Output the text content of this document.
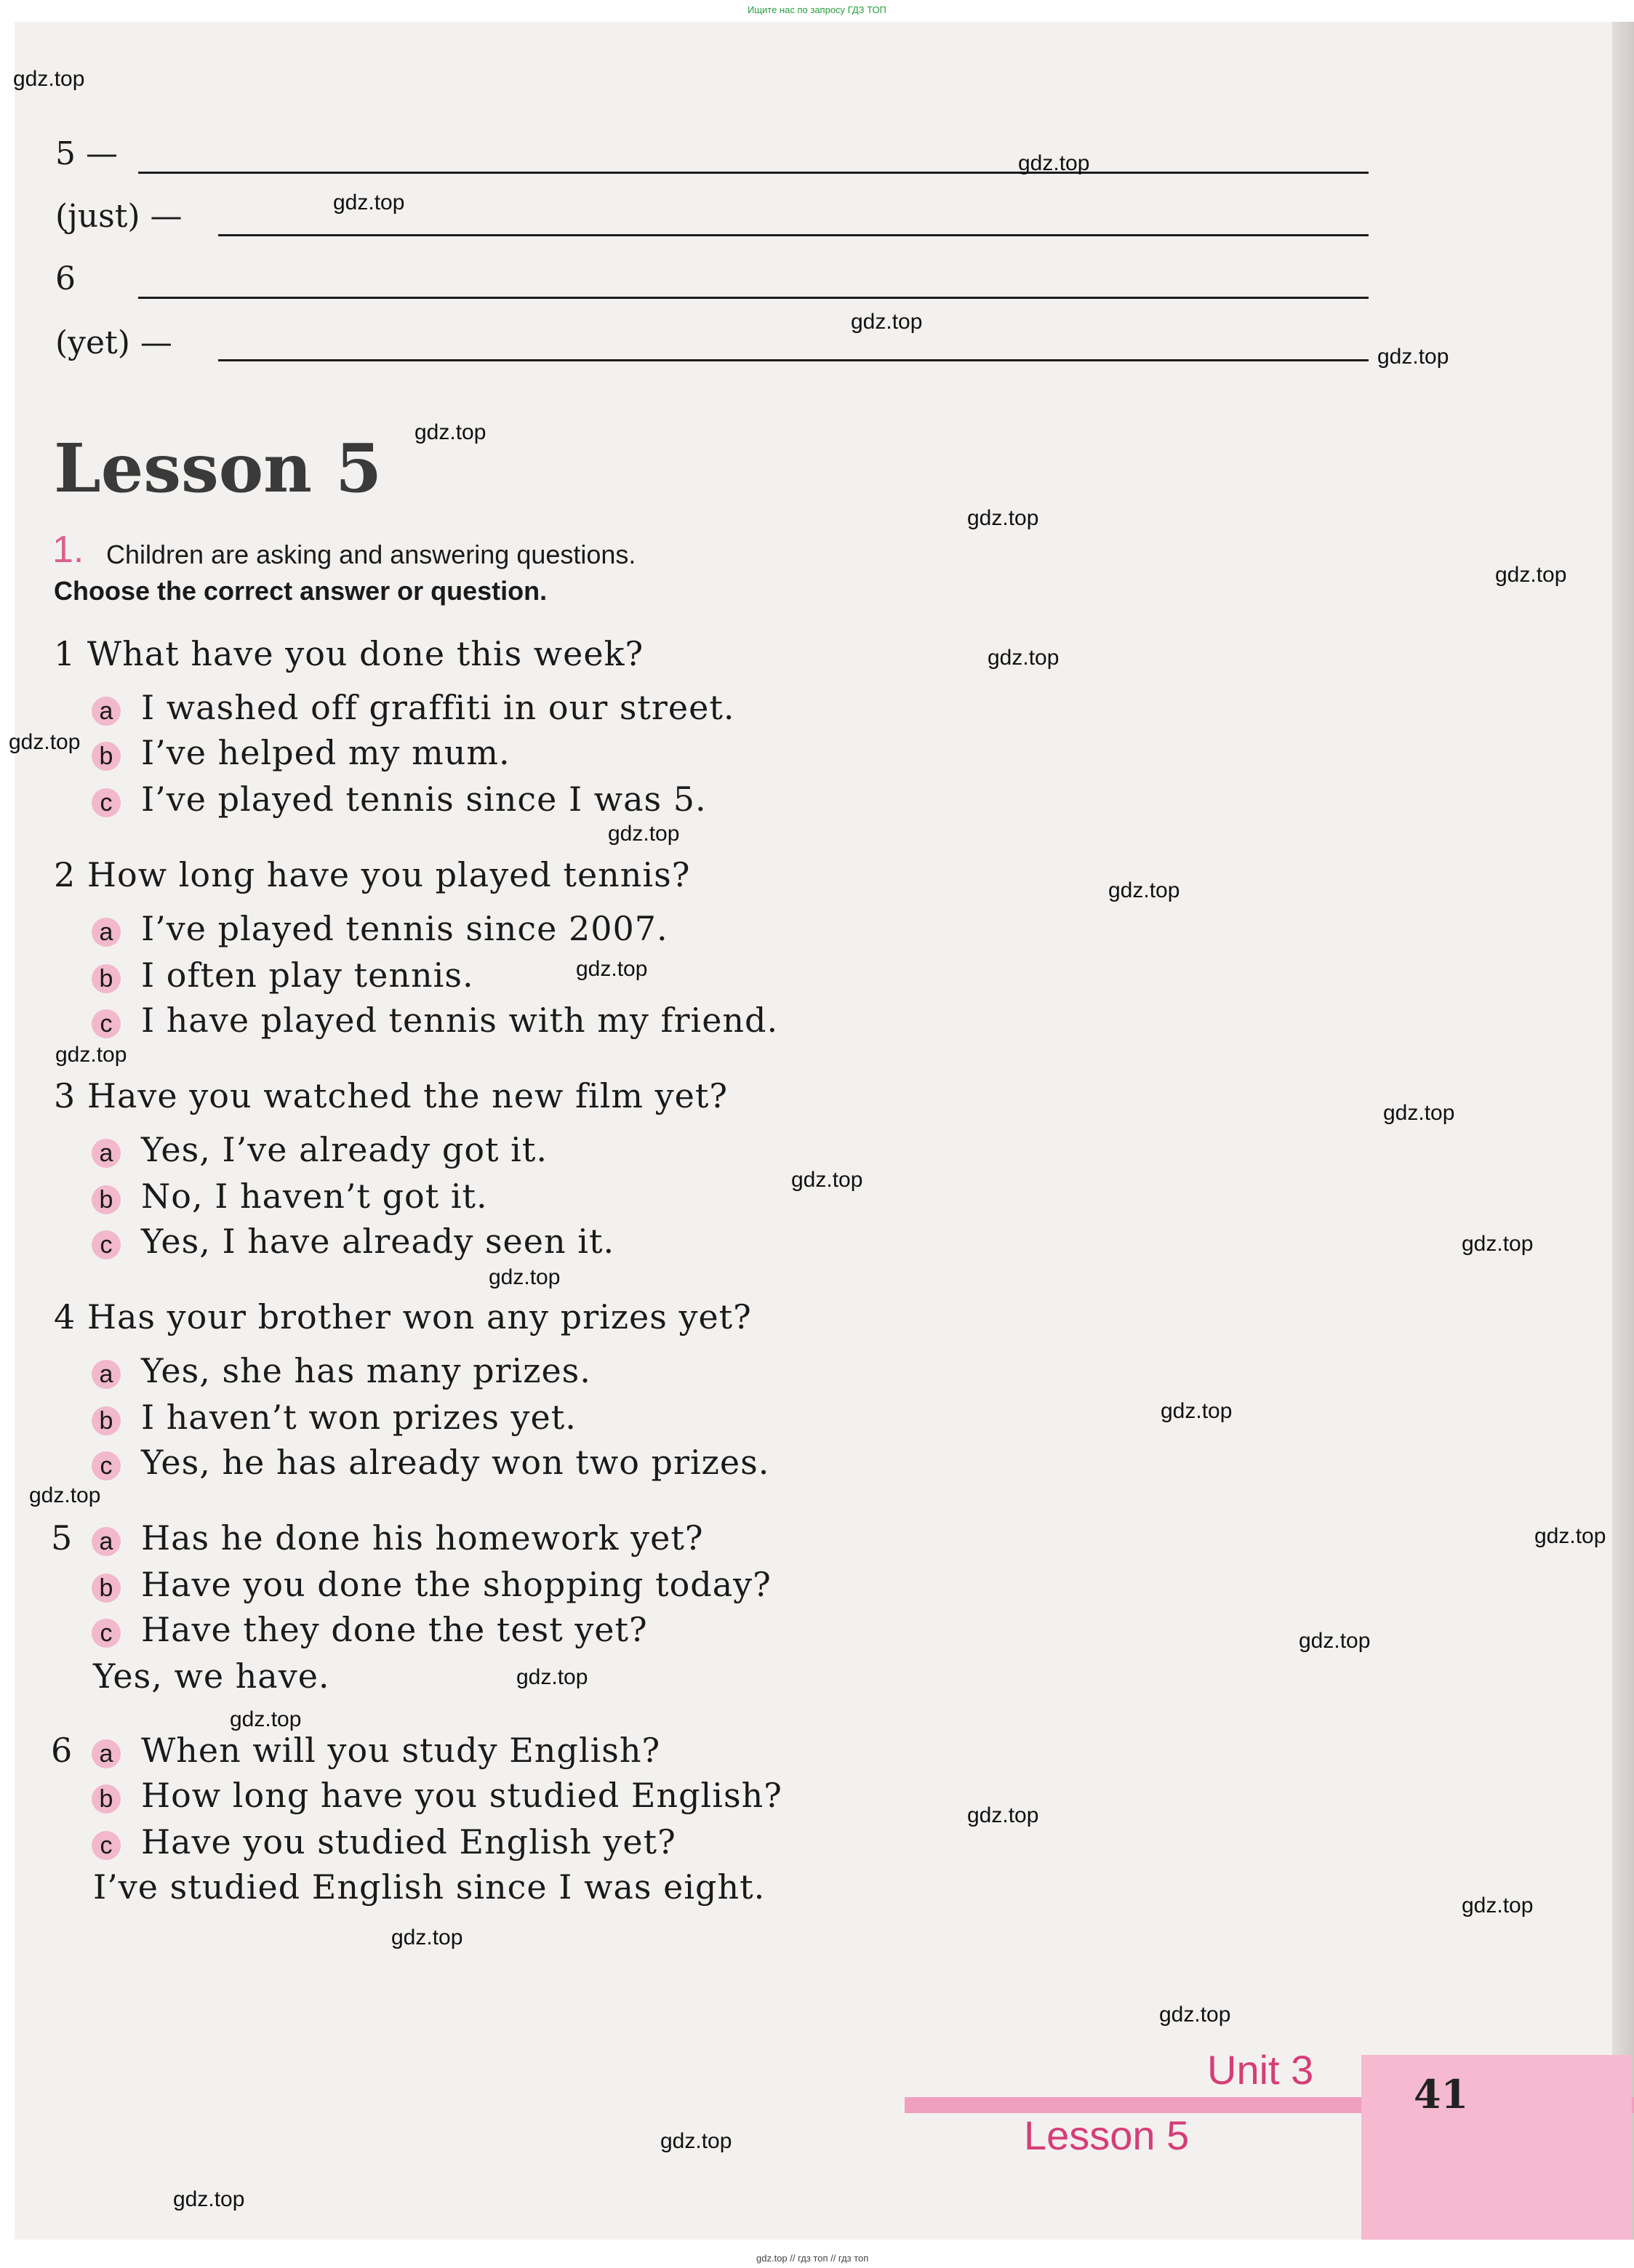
Ищите нас по запросу ГДЗ ТОП
gdz.top // гдз топ // гдз топ
5 —
(just) —
6
(yet) —
Lesson 5
1. Children are asking and answering questions.
Choose the correct answer or question.
1 What have you done this week?
a I washed off graffiti in our street.
b I’ve helped my mum.
c I’ve played tennis since I was 5.
2 How long have you played tennis?
a I’ve played tennis since 2007.
b I often play tennis.
c I have played tennis with my friend.
3 Have you watched the new film yet?
a Yes, I’ve already got it.
b No, I haven’t got it.
c Yes, I have already seen it.
4 Has your brother won any prizes yet?
a Yes, she has many prizes.
b I haven’t won prizes yet.
c Yes, he has already won two prizes.
5	a Has he done his homework yet?
b Have you done the shopping today?
c Have they done the test yet?
Yes, we have.
6	a When will you study English?
b How long have you studied English?
c Have you studied English yet?
I’ve studied English since I was eight.
Unit 3
Lesson 5
41
gdz.top
gdz.top
gdz.top
gdz.top
gdz.top
gdz.top
gdz.top
gdz.top
gdz.top
gdz.top
gdz.top
gdz.top
gdz.top
gdz.top
gdz.top
gdz.top
gdz.top
gdz.top
gdz.top
gdz.top
gdz.top
gdz.top
gdz.top
gdz.top
gdz.top
gdz.top
gdz.top
gdz.top
gdz.top
gdz.top
